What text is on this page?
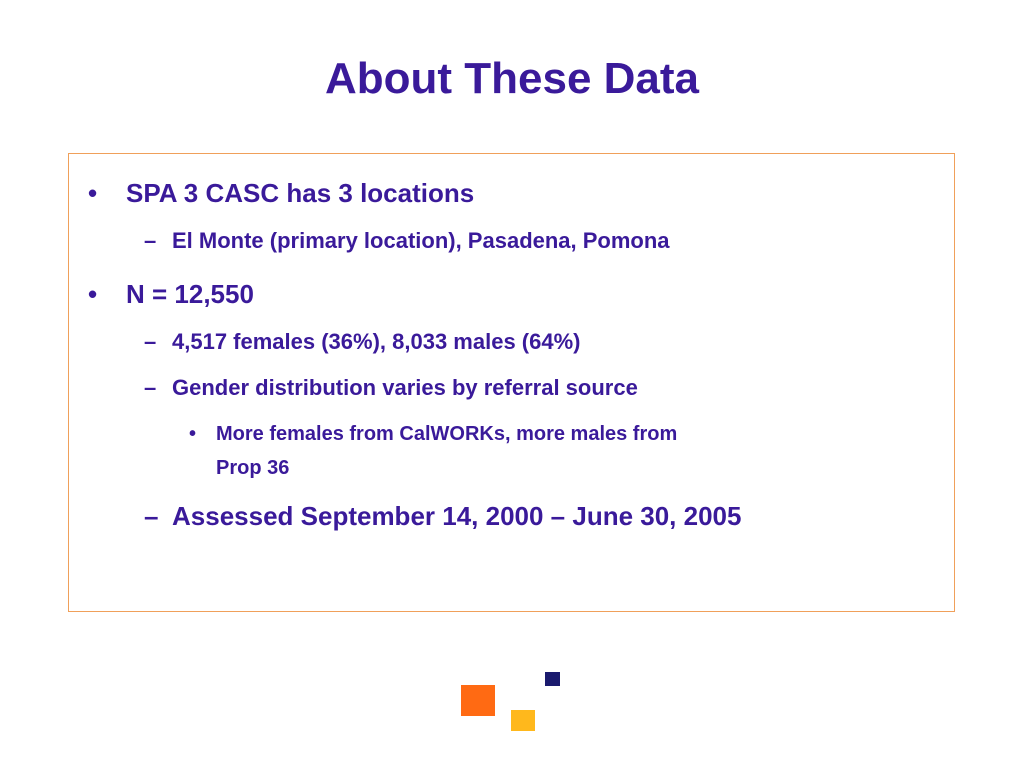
About These Data
• SPA 3 CASC has 3 locations
– El Monte (primary location), Pasadena, Pomona
• N = 12,550
– 4,517 females (36%), 8,033 males (64%)
– Gender distribution varies by referral source
• More females from CalWORKs, more males from
Prop 36
– Assessed September 14, 2000 – June 30, 2005
